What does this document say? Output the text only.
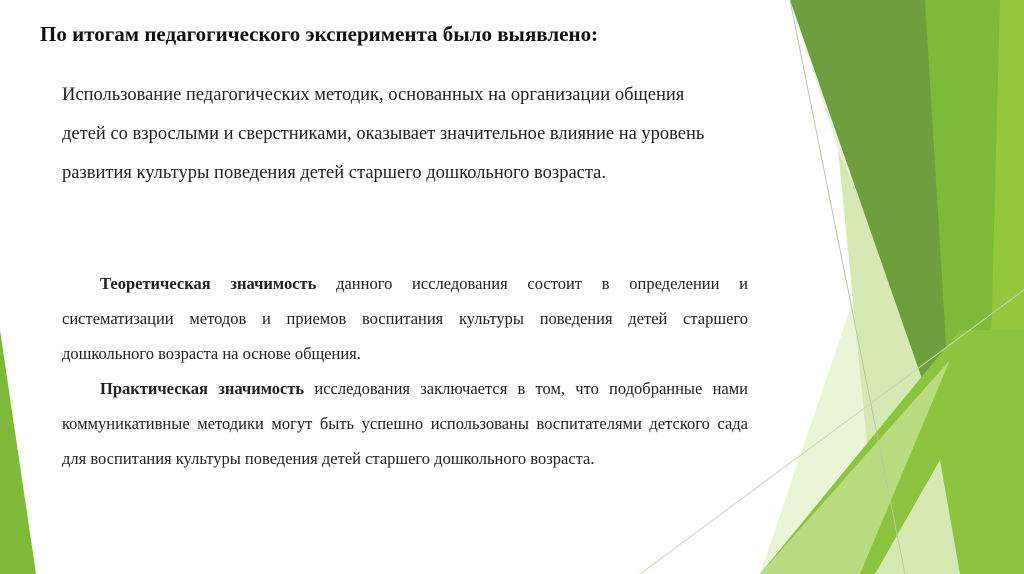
По итогам педагогического эксперимента было выявлено:

Использование педагогических методик, основанных на организации общения детей со взрослыми и сверстниками, оказывает значительное влияние на уровень развития культуры поведения детей старшего дошкольного возраста.

Теоретическая значимость данного исследования состоит в определении и систематизации методов и приемов воспитания культуры поведения детей старшего дошкольного возраста на основе общения.

Практическая значимость исследования заключается в том, что подобранные нами коммуникативные методики могут быть успешно использованы воспитателями детского сада для воспитания культуры поведения детей старшего дошкольного возраста.
